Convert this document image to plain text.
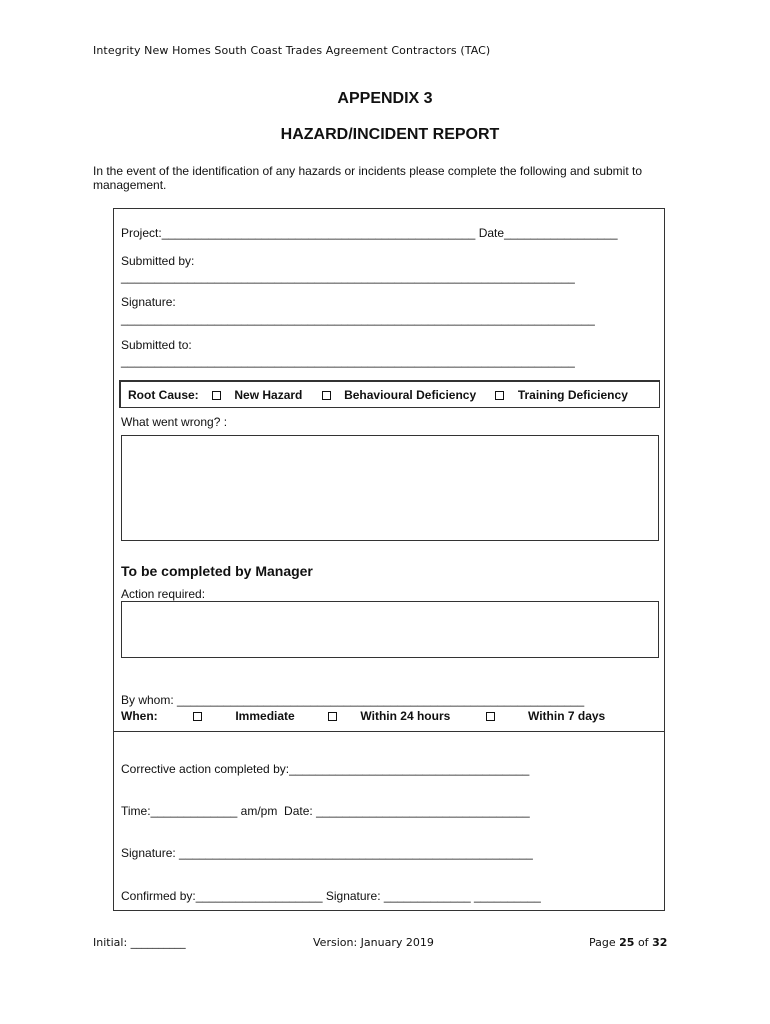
Integrity New Homes South Coast Trades Agreement Contractors (TAC)
APPENDIX 3
HAZARD/INCIDENT REPORT
In the event of the identification of any hazards or incidents please complete the following and submit to management.
Project:_______________________________________________ Date_________________
Submitted by:
____________________________________________________________________
Signature:
_______________________________________________________________________
Submitted to:
____________________________________________________________________
Root Cause:	New Hazard	Behavioural Deficiency	Training Deficiency
What went wrong? :
To be completed by Manager
Action required:
By whom: _____________________________________________________________
When:	Immediate	Within 24 hours	Within 7 days
Corrective action completed by:____________________________________
Time:_____________ am/pm Date: ________________________________
Signature: _____________________________________________________
Confirmed by:___________________ Signature: _____________ __________
Initial: __________	Version: January 2019	Page 25 of 32
